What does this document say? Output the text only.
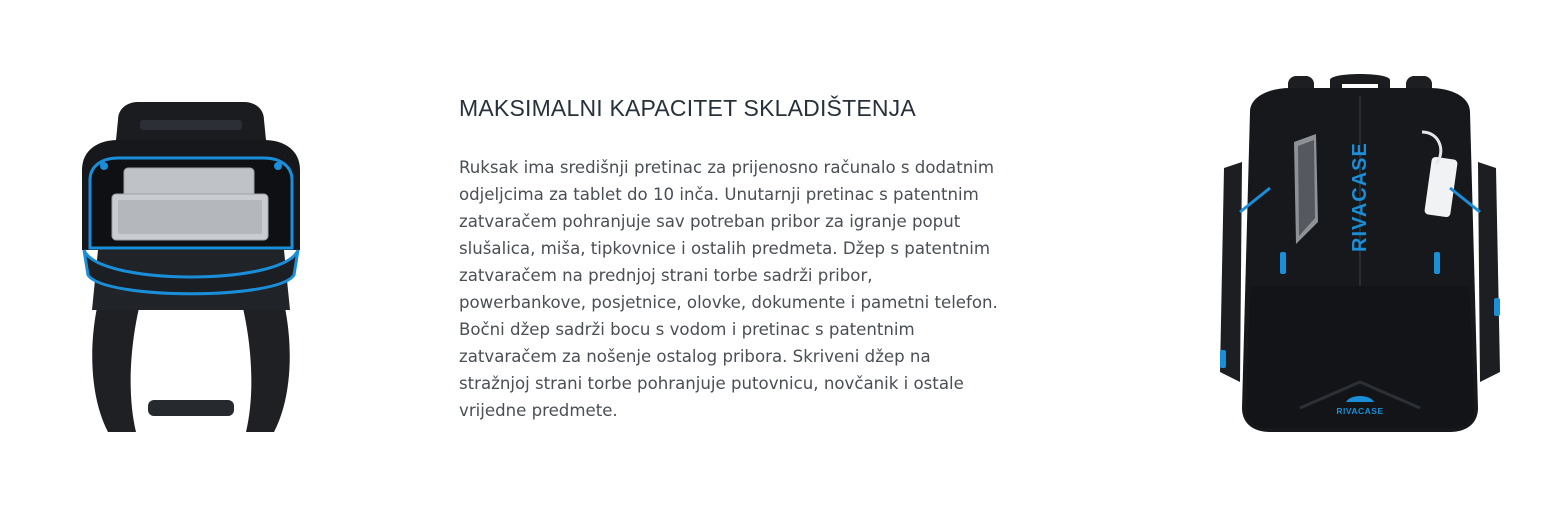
MAKSIMALNI KAPACITET SKLADIŠTENJA

Ruksak ima središnji pretinac za prijenosno računalo s dodatnim
odjeljcima za tablet do 10 inča. Unutarnji pretinac s patentnim
zatvaračem pohranjuje sav potreban pribor za igranje poput
slušalica, miša, tipkovnice i ostalih predmeta. Džep s patentnim
zatvaračem na prednjoj strani torbe sadrži pribor,
powerbankove, posjetnice, olovke, dokumente i pametni telefon.
Bočni džep sadrži bocu s vodom i pretinac s patentnim
zatvaračem za nošenje ostalog pribora. Skriveni džep na
stražnjoj strani torbe pohranjuje putovnicu, novčanik i ostale
vrijedne predmete.

RIVACASE
RIVACASE
